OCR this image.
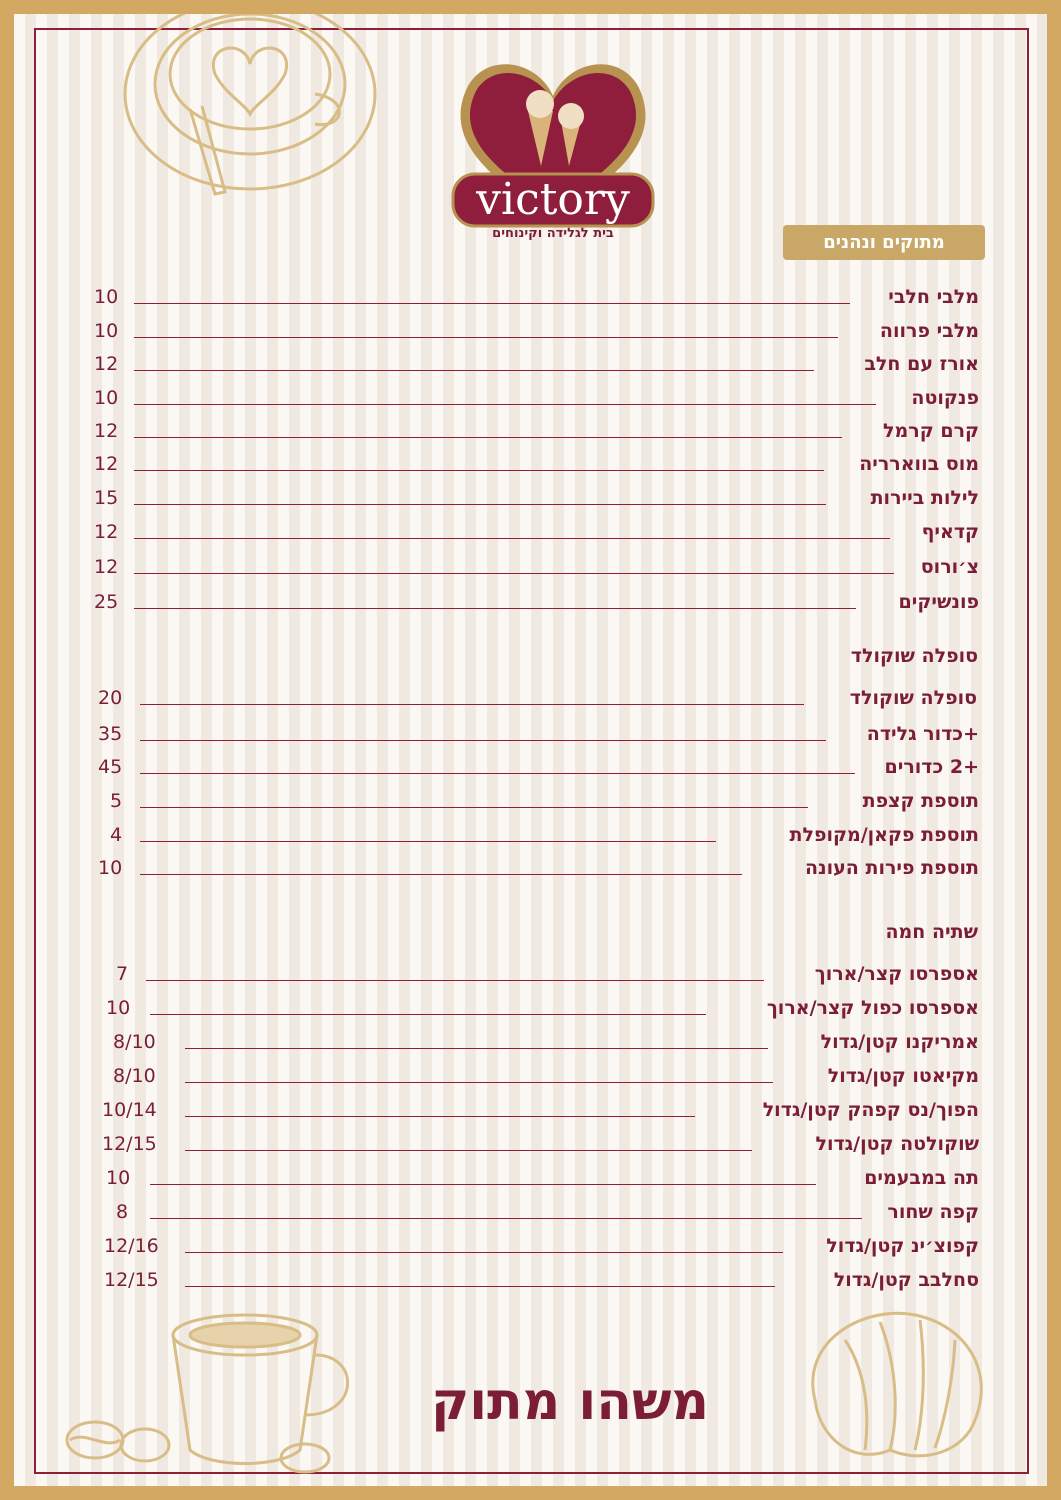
victory
בית לגלידה וקינוחים	מתוקים ונהנים
מלבי חלבי
10
מלבי פרווה
10
אורז עם חלב
12
פנקוטה
10
קרם קרמל
12
מוס בווארריה
12
לילות ביירות
15
קדאיף
12
צ׳ורוס
12
פונשיקים
25
סופלה שוקולד
סופלה שוקולד
20
+כדור גלידה
35
+2 כדורים
45
תוספת קצפת
5
תוספת פקאן/מקופלת
4
תוספת פירות העונה
10
שתיה חמה
אספרסו קצר/ארוך
7
אספרסו כפול קצר/ארוך
10
אמריקנו קטן/גדול
8/10
מקיאטו קטן/גדול
8/10
הפוך/נס קפהק קטן/גדול
10/14
שוקולטה קטן/גדול
12/15
תה במבעמים
10
קפה שחור
8
קפוצ׳ינ קטן/גדול
12/16
סחלבב קטן/גדול
12/15
משהו מתוק
